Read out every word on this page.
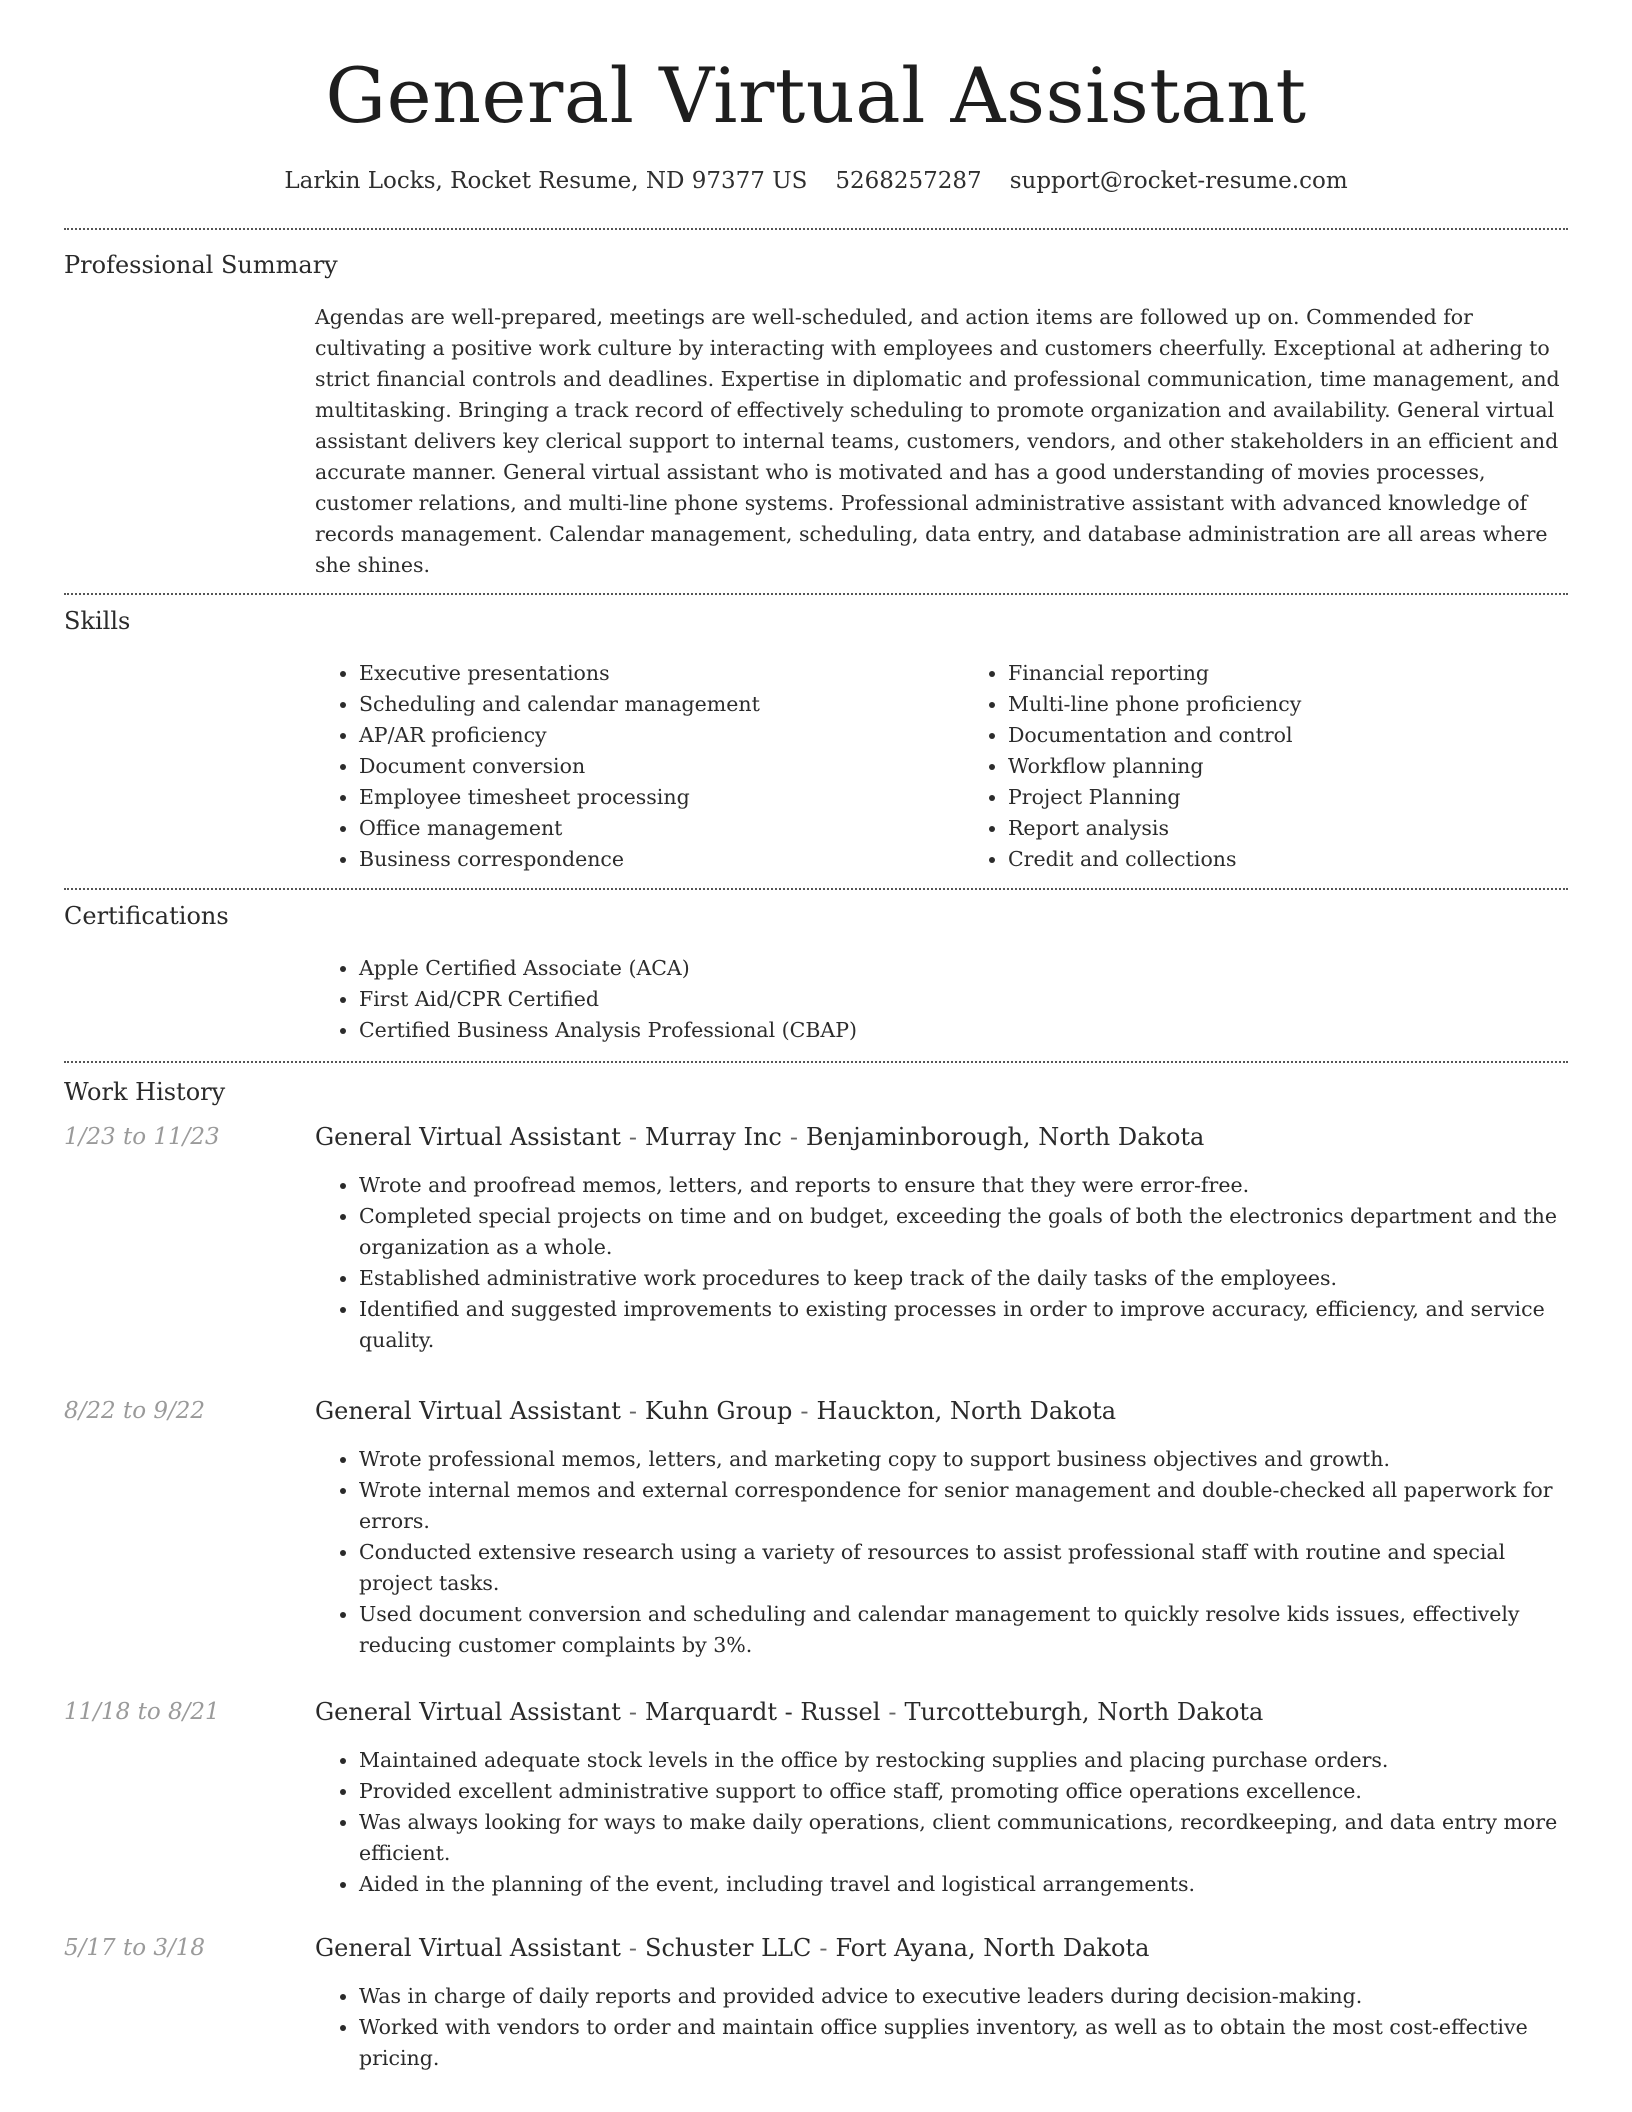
General Virtual Assistant
Larkin Locks, Rocket Resume, ND 97377 US 5268257287 support@rocket-resume.com
Professional Summary

Agendas are well-prepared, meetings are well-scheduled, and action items are followed up on. Commended for cultivating a positive work culture by interacting with employees and customers cheerfully. Exceptional at adhering to strict financial controls and deadlines. Expertise in diplomatic and professional communication, time management, and multitasking. Bringing a track record of effectively scheduling to promote organization and availability. General virtual assistant delivers key clerical support to internal teams, customers, vendors, and other stakeholders in an efficient and accurate manner. General virtual assistant who is motivated and has a good understanding of movies processes, customer relations, and multi-line phone systems. Professional administrative assistant with advanced knowledge of records management. Calendar management, scheduling, data entry, and database administration are all areas where she shines.

Skills
• Executive presentations
• Scheduling and calendar management
• AP/AR proficiency
• Document conversion
• Employee timesheet processing
• Office management
• Business correspondence
• Financial reporting
• Multi-line phone proficiency
• Documentation and control
• Workflow planning
• Project Planning
• Report analysis
• Credit and collections
Certifications
• Apple Certified Associate (ACA)
• First Aid/CPR Certified
• Certified Business Analysis Professional (CBAP)
Work History
1/23 to 11/23	General Virtual Assistant - Murray Inc - Benjaminborough, North Dakota
• Wrote and proofread memos, letters, and reports to ensure that they were error-free.
• Completed special projects on time and on budget, exceeding the goals of both the electronics department and the organization as a whole.
• Established administrative work procedures to keep track of the daily tasks of the employees.
• Identified and suggested improvements to existing processes in order to improve accuracy, efficiency, and service quality.
8/22 to 9/22	General Virtual Assistant - Kuhn Group - Hauckton, North Dakota
• Wrote professional memos, letters, and marketing copy to support business objectives and growth.
• Wrote internal memos and external correspondence for senior management and double-checked all paperwork for errors.
• Conducted extensive research using a variety of resources to assist professional staff with routine and special project tasks.
• Used document conversion and scheduling and calendar management to quickly resolve kids issues, effectively reducing customer complaints by 3%.
11/18 to 8/21	General Virtual Assistant - Marquardt - Russel - Turcotteburgh, North Dakota
• Maintained adequate stock levels in the office by restocking supplies and placing purchase orders.
• Provided excellent administrative support to office staff, promoting office operations excellence.
• Was always looking for ways to make daily operations, client communications, recordkeeping, and data entry more efficient.
• Aided in the planning of the event, including travel and logistical arrangements.
5/17 to 3/18	General Virtual Assistant - Schuster LLC - Fort Ayana, North Dakota
• Was in charge of daily reports and provided advice to executive leaders during decision-making.
• Worked with vendors to order and maintain office supplies inventory, as well as to obtain the most cost-effective pricing.
